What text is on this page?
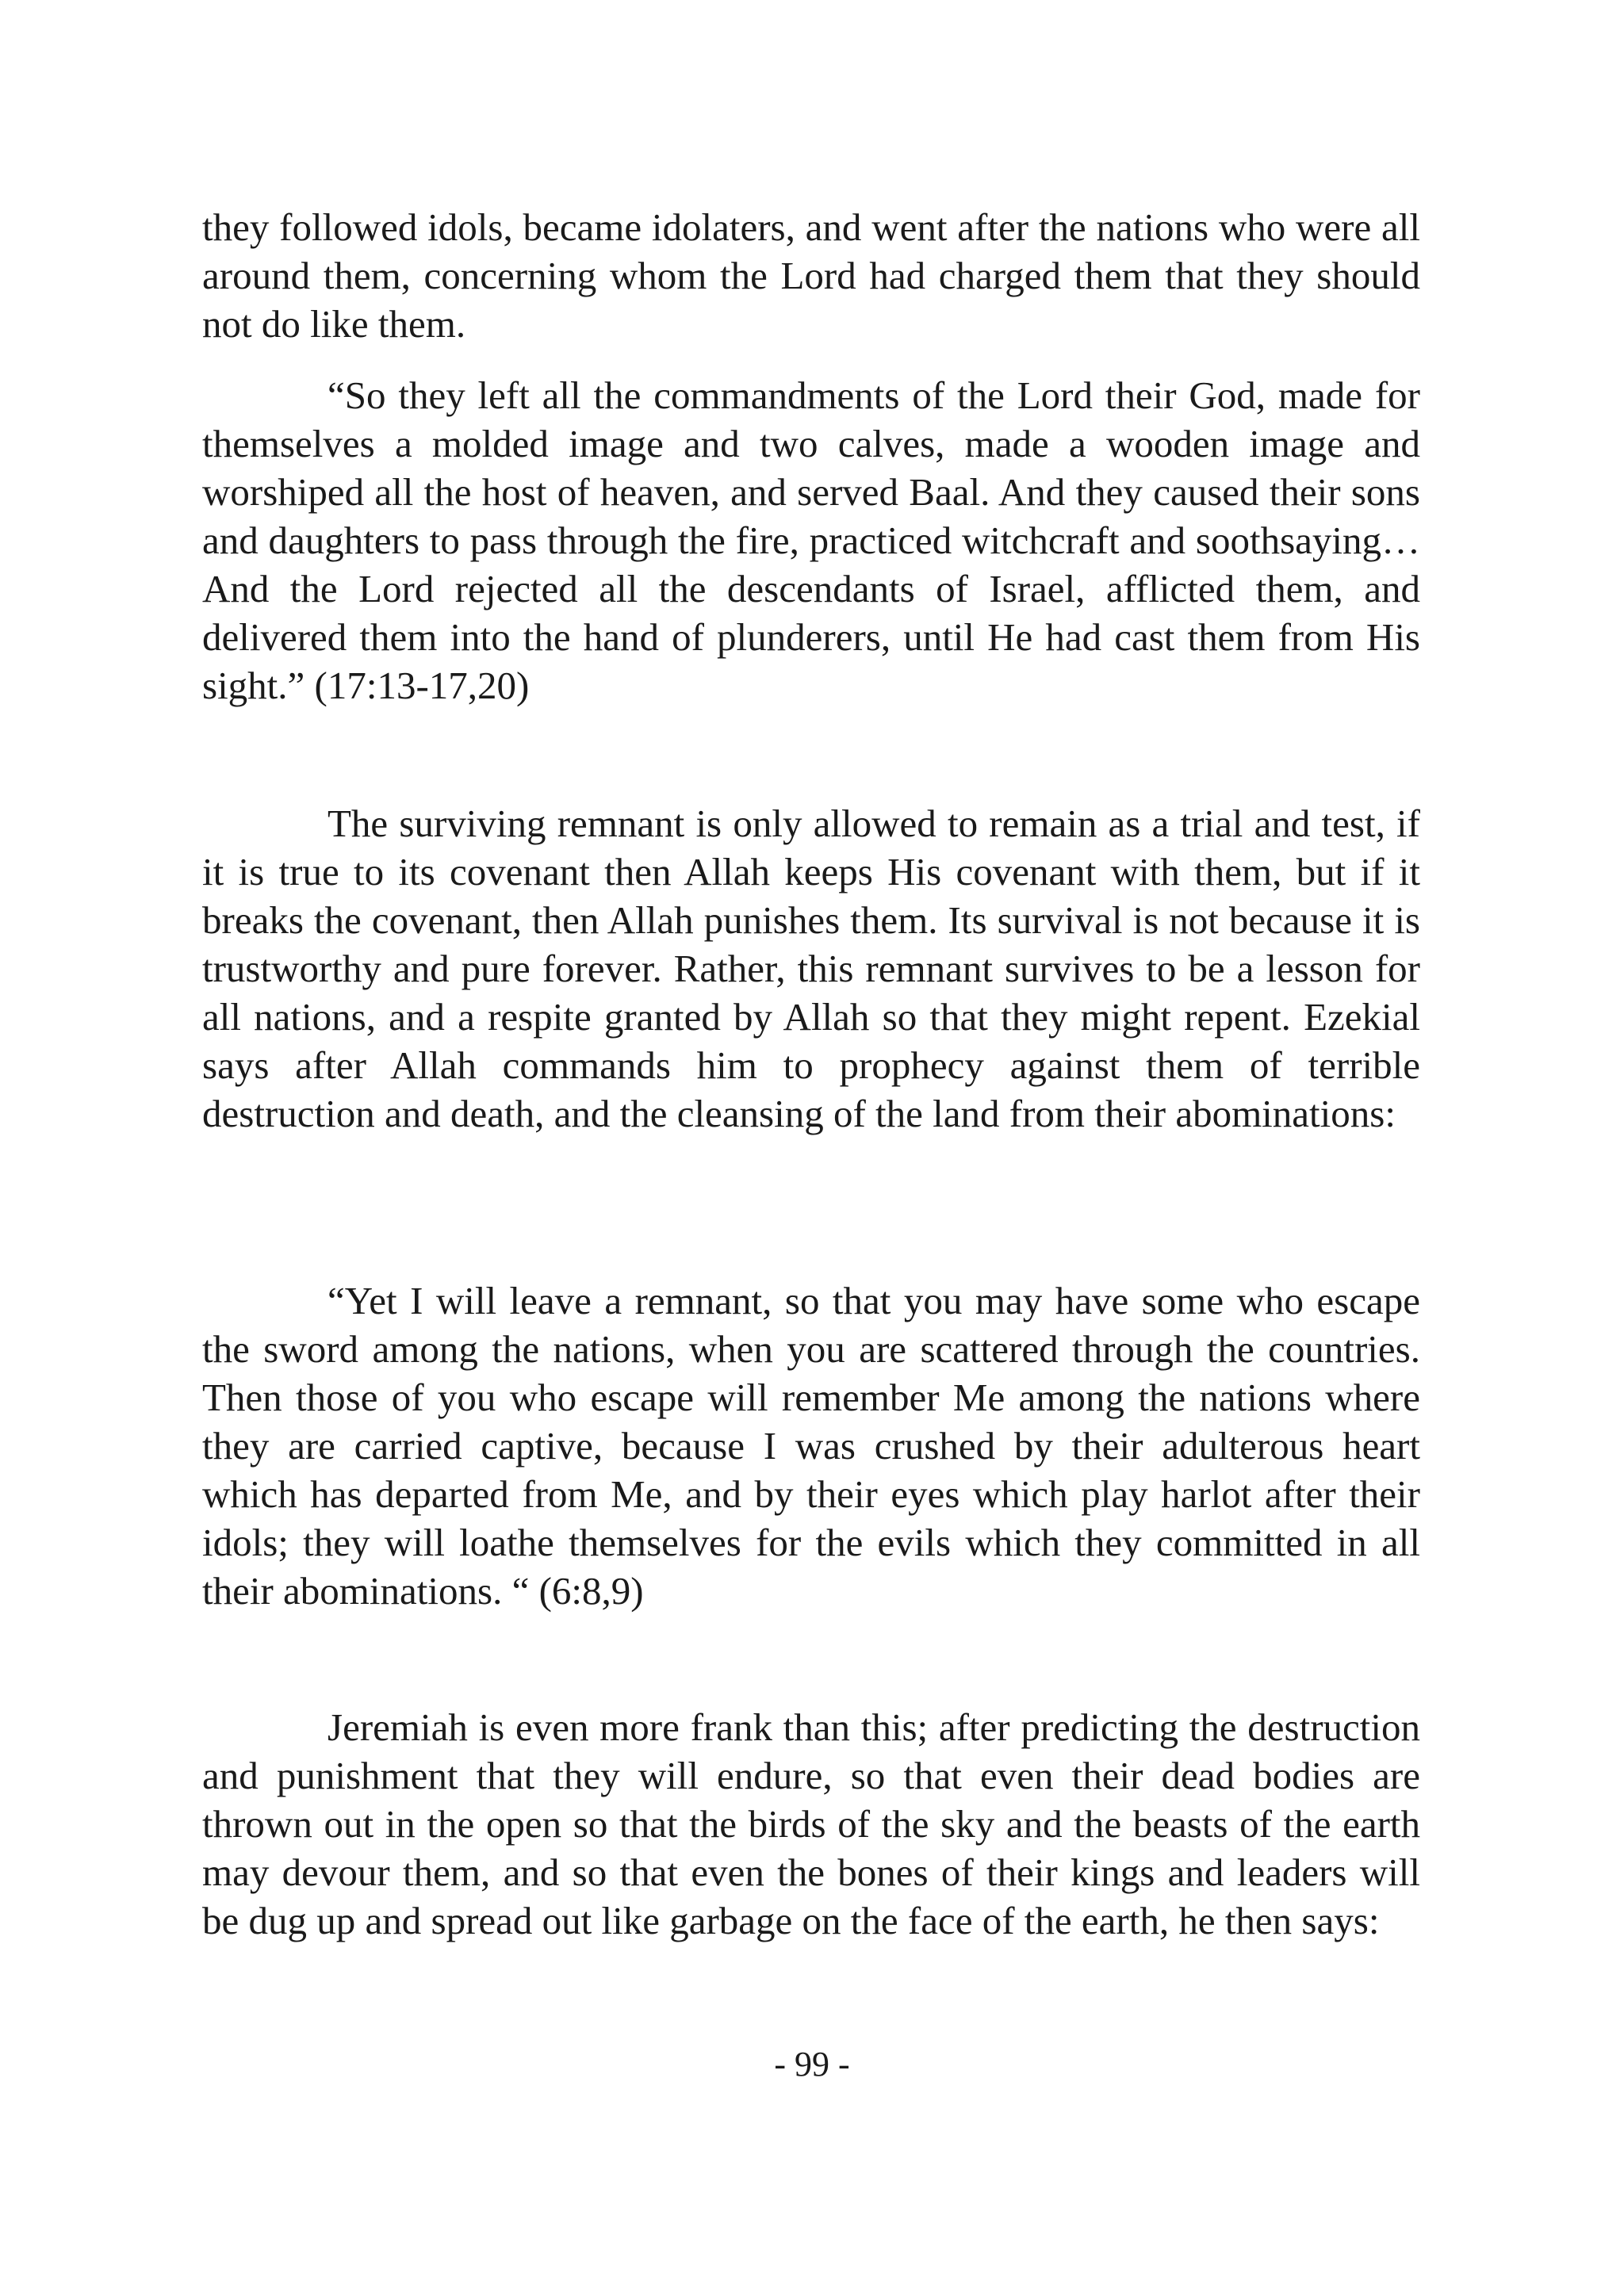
they followed idols, became idolaters, and went after the nations who were all around them, concerning whom the Lord had charged them that they should not do like them.

“So they left all the commandments of the Lord their God, made for themselves a molded image and two calves, made a wooden image and worshiped all the host of heaven, and served Baal. And they caused their sons and daughters to pass through the fire, practiced witchcraft and soothsaying… And the Lord rejected all the descendants of Israel, afflicted them, and delivered them into the hand of plunderers, until He had cast them from His sight.” (17:13-17,20)

The surviving remnant is only allowed to remain as a trial and test, if it is true to its covenant then Allah keeps His covenant with them, but if it breaks the covenant, then Allah punishes them. Its survival is not because it is trustworthy and pure forever. Rather, this remnant survives to be a lesson for all nations, and a respite granted by Allah so that they might repent. Ezekial says after Allah commands him to prophecy against them of terrible destruction and death, and the cleansing of the land from their abominations:

“Yet I will leave a remnant, so that you may have some who escape the sword among the nations, when you are scattered through the countries. Then those of you who escape will remember Me among the nations where they are carried captive, because I was crushed by their adulterous heart which has departed from Me, and by their eyes which play harlot after their idols; they will loathe themselves for the evils which they committed in all their abominations. “ (6:8,9)

Jeremiah is even more frank than this; after predicting the destruction and punishment that they will endure, so that even their dead bodies are thrown out in the open so that the birds of the sky and the beasts of the earth may devour them, and so that even the bones of their kings and leaders will be dug up and spread out like garbage on the face of the earth, he then says:

- 99 -
